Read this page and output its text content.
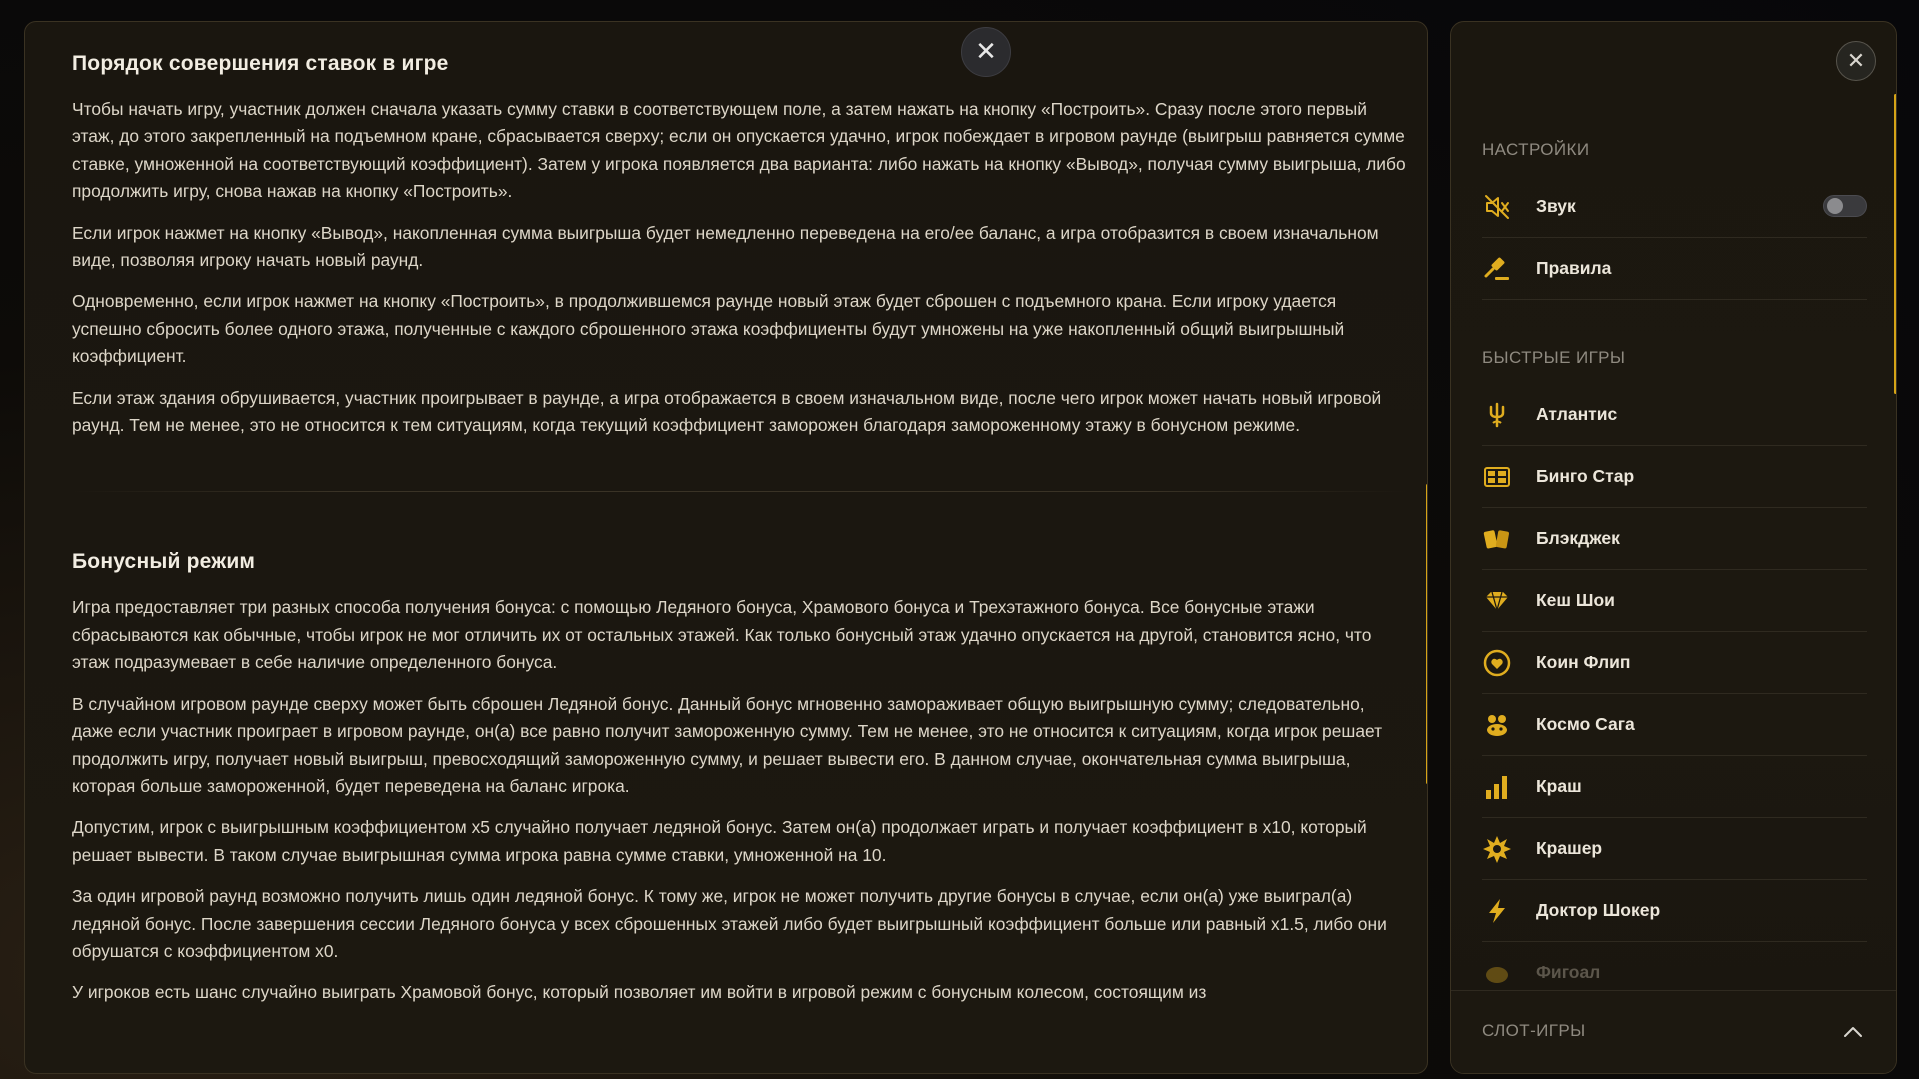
Порядок совершения ставок в игре

Чтобы начать игру, участник должен сначала указать сумму ставки в соответствующем поле, а затем нажать на кнопку «Построить». Сразу после этого первый этаж, до этого закрепленный на подъемном кране, сбрасывается сверху; если он опускается удачно, игрок побеждает в игровом раунде (выигрыш равняется сумме ставке, умноженной на соответствующий коэффициент). Затем у игрока появляется два варианта: либо нажать на кнопку «Вывод», получая сумму выигрыша, либо продолжить игру, снова нажав на кнопку «Построить».

Если игрок нажмет на кнопку «Вывод», накопленная сумма выигрыша будет немедленно переведена на его/ее баланс, а игра отобразится в своем изначальном виде, позволяя игроку начать новый раунд.

Одновременно, если игрок нажмет на кнопку «Построить», в продолжившемся раунде новый этаж будет сброшен с подъемного крана. Если игроку удается успешно сбросить более одного этажа, полученные с каждого сброшенного этажа коэффициенты будут умножены на уже накопленный общий выигрышный коэффициент.

Если этаж здания обрушивается, участник проигрывает в раунде, а игра отображается в своем изначальном виде, после чего игрок может начать новый игровой раунд. Тем не менее, это не относится к тем ситуациям, когда текущий коэффициент заморожен благодаря замороженному этажу в бонусном режиме.

Бонусный режим

Игра предоставляет три разных способа получения бонуса: с помощью Ледяного бонуса, Храмового бонуса и Трехэтажного бонуса. Все бонусные этажи сбрасываются как обычные, чтобы игрок не мог отличить их от остальных этажей. Как только бонусный этаж удачно опускается на другой, становится ясно, что этаж подразумевает в себе наличие определенного бонуса.

В случайном игровом раунде сверху может быть сброшен Ледяной бонус. Данный бонус мгновенно замораживает общую выигрышную сумму; следовательно, даже если участник проиграет в игровом раунде, он(а) все равно получит замороженную сумму. Тем не менее, это не относится к ситуациям, когда игрок решает продолжить игру, получает новый выигрыш, превосходящий замороженную сумму, и решает вывести его. В данном случае, окончательная сумма выигрыша, которая больше замороженной, будет переведена на баланс игрока.

Допустим, игрок с выигрышным коэффициентом x5 случайно получает ледяной бонус. Затем он(а) продолжает играть и получает коэффициент в x10, который решает вывести. В таком случае выигрышная сумма игрока равна сумме ставки, умноженной на 10.

За один игровой раунд возможно получить лишь один ледяной бонус. К тому же, игрок не может получить другие бонусы в случае, если он(а) уже выиграл(а) ледяной бонус. После завершения сессии Ледяного бонуса у всех сброшенных этажей либо будет выигрышный коэффициент больше или равный x1.5, либо они обрушатся с коэффициентом x0.

У игроков есть шанс случайно выиграть Храмовой бонус, который позволяет им войти в игровой режим с бонусным колесом, состоящим из

✕	✕
НАСТРОЙКИ
Звук
Правила
БЫСТРЫЕ ИГРЫ
Атлантис
Бинго Стар
Блэкджек
Кеш Шои
Коин Флип
Космо Сага
Краш
Крашер
Доктор Шокер
Фигоал
СЛОТ-ИГРЫ
